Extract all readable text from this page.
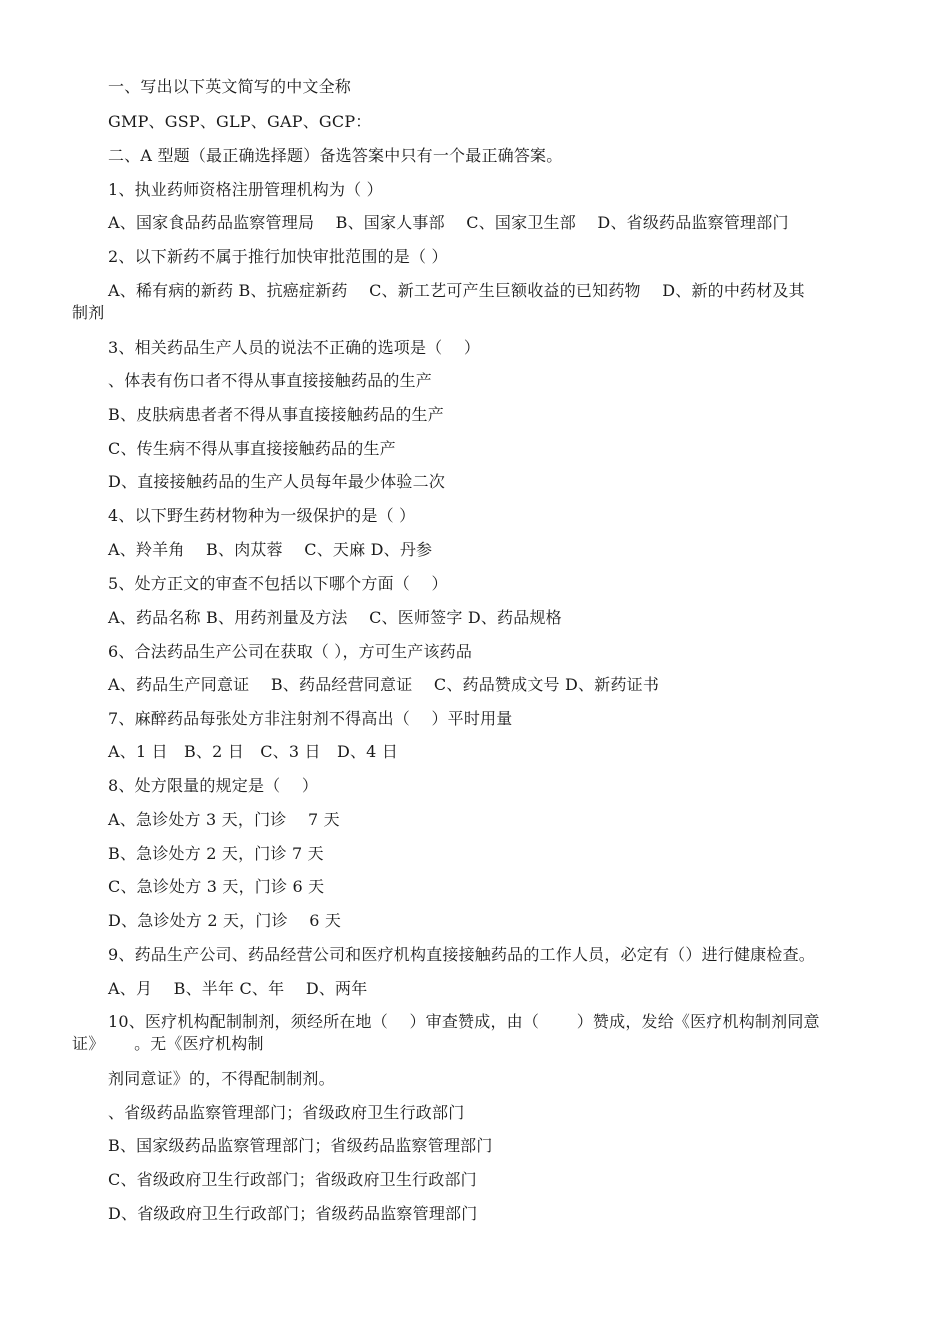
一、写出以下英文简写的中文全称
GMP、GSP、GLP、GAP、GCP：
二、A 型题（最正确选择题）备选答案中只有一个最正确答案。
1、执业药师资格注册管理机构为（ ）
A、国家食品药品监察管理局　 B、国家人事部　 C、国家卫生部　 D、省级药品监察管理部门
2、以下新药不属于推行加快审批范围的是（ ）
A、稀有病的新药 B、抗癌症新药　 C、新工艺可产生巨额收益的已知药物　 D、新的中药材及其
制剂
3、相关药品生产人员的说法不正确的选项是（　 ）
、体表有伤口者不得从事直接接触药品的生产
B、皮肤病患者者不得从事直接接触药品的生产
C、传生病不得从事直接接触药品的生产
D、直接接触药品的生产人员每年最少体验二次
4、以下野生药材物种为一级保护的是（ ）
A、羚羊角　 B、肉苁蓉　 C、天麻 D、丹参
5、处方正文的审查不包括以下哪个方面（　 ）
A、药品名称 B、用药剂量及方法　 C、医师签字 D、药品规格
6、合法药品生产公司在获取（ ），方可生产该药品
A、药品生产同意证　 B、药品经营同意证　 C、药品赞成文号 D、新药证书
7、麻醉药品每张处方非注射剂不得高出（　 ）平时用量
A、1 日　B、2 日　C、3 日　D、4 日
8、处方限量的规定是（　 ）
A、急诊处方 3 天，门诊　 7 天
B、急诊处方 2 天，门诊 7 天
C、急诊处方 3 天，门诊 6 天
D、急诊处方 2 天，门诊　 6 天
9、药品生产公司、药品经营公司和医疗机构直接接触药品的工作人员，必定有（）进行健康检查。
A、月　 B、半年 C、年　 D、两年
10、医疗机构配制制剂，须经所在地（　 ）审查赞成，由（　　 ）赞成，发给《医疗机构制剂同意
证》　　 。无《医疗机构制
剂同意证》的，不得配制制剂。
、省级药品监察管理部门；省级政府卫生行政部门
B、国家级药品监察管理部门；省级药品监察管理部门
C、省级政府卫生行政部门；省级政府卫生行政部门
D、省级政府卫生行政部门；省级药品监察管理部门
